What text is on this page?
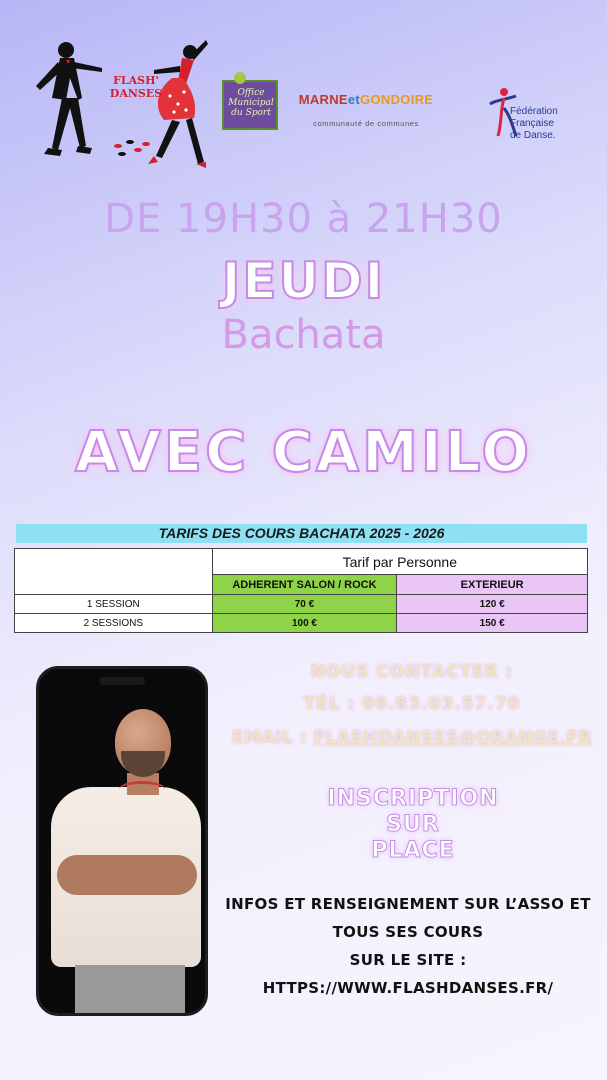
FLASH' DANSES	Office Municipal du Sport
MARNEetGONDOIRE
communauté de communes
Fédération
Française
de Danse.
DE 19H30 à 21H30
JEUDI
Bachata
AVEC CAMILO
TARIFS DES COURS BACHATA 2025 - 2026
	Tarif par Personne	
	ADHERENT SALON / ROCK	EXTERIEUR
1 SESSION	70 €	120 €
2 SESSIONS	100 €	150 €
NOUS CONTACTER :
TÉL : 06.83.03.57.70
EMAIL : FLASHDANSES@ORANGE.FR
INSCRIPTION
SUR
PLACE
INFOS ET RENSEIGNEMENT SUR L’ASSO ET
TOUS SES COURS
SUR LE SITE :
HTTPS://WWW.FLASHDANSES.FR/
